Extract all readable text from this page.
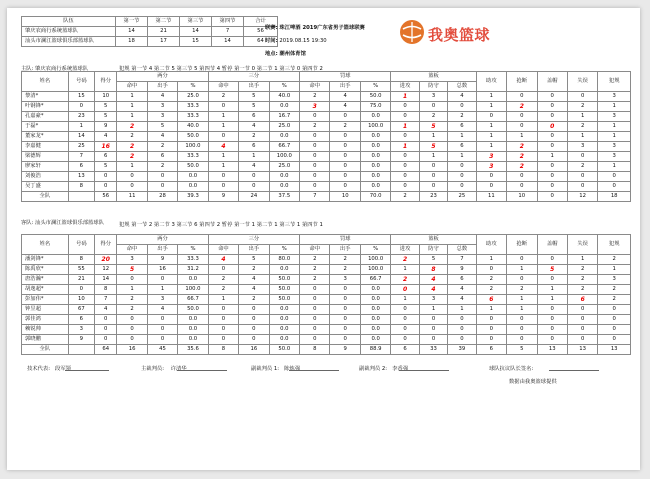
队伍	第一节	第二节	第三节	第四节	合计
肇庆农商行系统篮球队	14	21	14	7	56
汕头市澜江篮球俱乐部篮球队	18	17	15	14	64
联赛: 珠江啤酒 2019广东省男子篮球联赛
时间: 2019.08.15 19:30
地点: 潮州体育馆
我奥篮球
主队: 肇庆农商行系统篮球队	犯规 第一节 4 第二节 5 第三节 5 第四节 4 暂停 第一节 0 第二节 1 第三节 0 第四节 2
姓名	号码	得分	两分			三分			罚球			篮板			助攻	抢断	盖帽	失误	犯规
			命中	出手	%	命中	出手	%	命中	出手	%	进攻	防守	总数					
黎清*	15	10	1	4	25.0	2	5	40.0	2	4	50.0	1	3	4	1	0	0	0	3
叶钢锋*	0	5	1	3	33.3	0	5	0.0	3	4	75.0	0	0	0	1	2	0	2	1
孔嘉豪*	23	5	1	3	33.3	1	6	16.7	0	0	0.0	0	2	2	0	0	0	1	3
于磊*	1	9	2	5	40.0	1	4	25.0	2	2	100.0	1	5	6	1	0	0	2	1
董家龙*	14	4	2	4	50.0	0	2	0.0	0	0	0.0	0	1	1	1	1	0	1	1
李嘉健	25	16	2	2	100.0	4	6	66.7	0	0	0.0	1	5	6	1	2	0	3	3
梁德辉	7	6	2	6	33.3	1	1	100.0	0	0	0.0	0	1	1	3	2	1	0	3
廖家轩	6	5	1	2	50.0	1	4	25.0	0	0	0.0	0	0	0	3	2	0	2	1
刘俊浩	13	0	0	0	0.0	0	0	0.0	0	0	0.0	0	0	0	0	0	0	0	0
吴丁盛	8	0	0	0	0.0	0	0	0.0	0	0	0.0	0	0	0	0	0	0	0	0
全队		56	11	28	39.3	9	24	37.5	7	10	70.0	2	23	25	11	10	0	12	18
客队: 汕头市澜江篮球俱乐部篮球队	犯规 第一节 2 第二节 3 第三节 6 第四节 2 暂停 第一节 1 第二节 1 第三节 1 第四节 1
姓名	号码	得分	两分			三分			罚球			篮板			助攻	抢断	盖帽	失误	犯规
			命中	出手	%	命中	出手	%	命中	出手	%	进攻	防守	总数					
潘剑锋*	8	20	3	9	33.3	4	5	80.0	2	2	100.0	2	5	7	1	0	0	1	2
陈禹欣*	55	12	5	16	31.2	0	2	0.0	2	2	100.0	1	8	9	0	1	5	2	1
唐浩瀚*	21	14	0	0	0.0	2	4	50.0	2	3	66.7	2	4	6	2	0	0	2	3
胡逸超*	0	8	1	1	100.0	2	4	50.0	0	0	0.0	0	4	4	2	2	1	2	2
彭加伟*	10	7	2	3	66.7	1	2	50.0	0	0	0.0	1	3	4	6	1	1	6	2
钟昱超	67	4	2	4	50.0	0	0	0.0	0	0	0.0	0	1	1	1	1	0	0	0
郭佳鸿	6	0	0	0	0.0	0	0	0.0	0	0	0.0	0	0	0	0	0	0	0	0
赖锐帅	3	0	0	0	0.0	0	0	0.0	0	0	0.0	0	0	0	0	0	0	0	0
郭晓鹏	9	0	0	0	0.0	0	0	0.0	0	0	0.0	0	0	0	0	0	0	0	0
全队		64	16	45	35.6	8	16	50.0	8	9	88.9	6	33	39	6	5	13	13	13
技术代表: 段军领	主裁判员: 许清华	副裁判员 1: 陈炼强	副裁判员 2: 李香强	球队抗议队长签名:
数据由我奥篮球提供
